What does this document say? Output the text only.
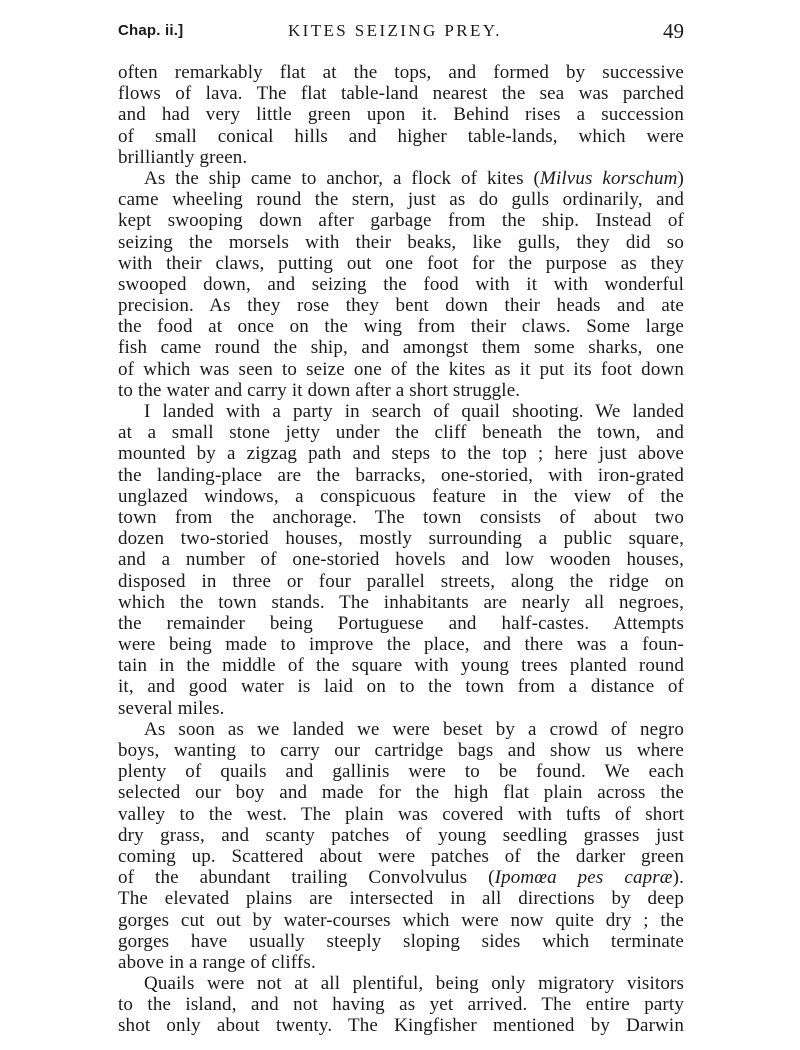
Chap. ii.]	KITES SEIZING PREY.	49
often remarkably flat at the tops, and formed by successive
flows of lava. The flat table-land nearest the sea was parched
and had very little green upon it. Behind rises a succession
of small conical hills and higher table-lands, which were
brilliantly green.
As the ship came to anchor, a flock of kites (Milvus korschum)
came wheeling round the stern, just as do gulls ordinarily, and
kept swooping down after garbage from the ship. Instead of
seizing the morsels with their beaks, like gulls, they did so
with their claws, putting out one foot for the purpose as they
swooped down, and seizing the food with it with wonderful
precision. As they rose they bent down their heads and ate
the food at once on the wing from their claws. Some large
fish came round the ship, and amongst them some sharks, one
of which was seen to seize one of the kites as it put its foot down
to the water and carry it down after a short struggle.
I landed with a party in search of quail shooting. We landed
at a small stone jetty under the cliff beneath the town, and
mounted by a zigzag path and steps to the top ; here just above
the landing-place are the barracks, one-storied, with iron-grated
unglazed windows, a conspicuous feature in the view of the
town from the anchorage. The town consists of about two
dozen two-storied houses, mostly surrounding a public square,
and a number of one-storied hovels and low wooden houses,
disposed in three or four parallel streets, along the ridge on
which the town stands. The inhabitants are nearly all negroes,
the remainder being Portuguese and half-castes. Attempts
were being made to improve the place, and there was a foun-
tain in the middle of the square with young trees planted round
it, and good water is laid on to the town from a distance of
several miles.
As soon as we landed we were beset by a crowd of negro
boys, wanting to carry our cartridge bags and show us where
plenty of quails and gallinis were to be found. We each
selected our boy and made for the high flat plain across the
valley to the west. The plain was covered with tufts of short
dry grass, and scanty patches of young seedling grasses just
coming up. Scattered about were patches of the darker green
of the abundant trailing Convolvulus (Ipomœa pes capræ).
The elevated plains are intersected in all directions by deep
gorges cut out by water-courses which were now quite dry ; the
gorges have usually steeply sloping sides which terminate
above in a range of cliffs.
Quails were not at all plentiful, being only migratory visitors
to the island, and not having as yet arrived. The entire party
shot only about twenty. The Kingfisher mentioned by Darwin
